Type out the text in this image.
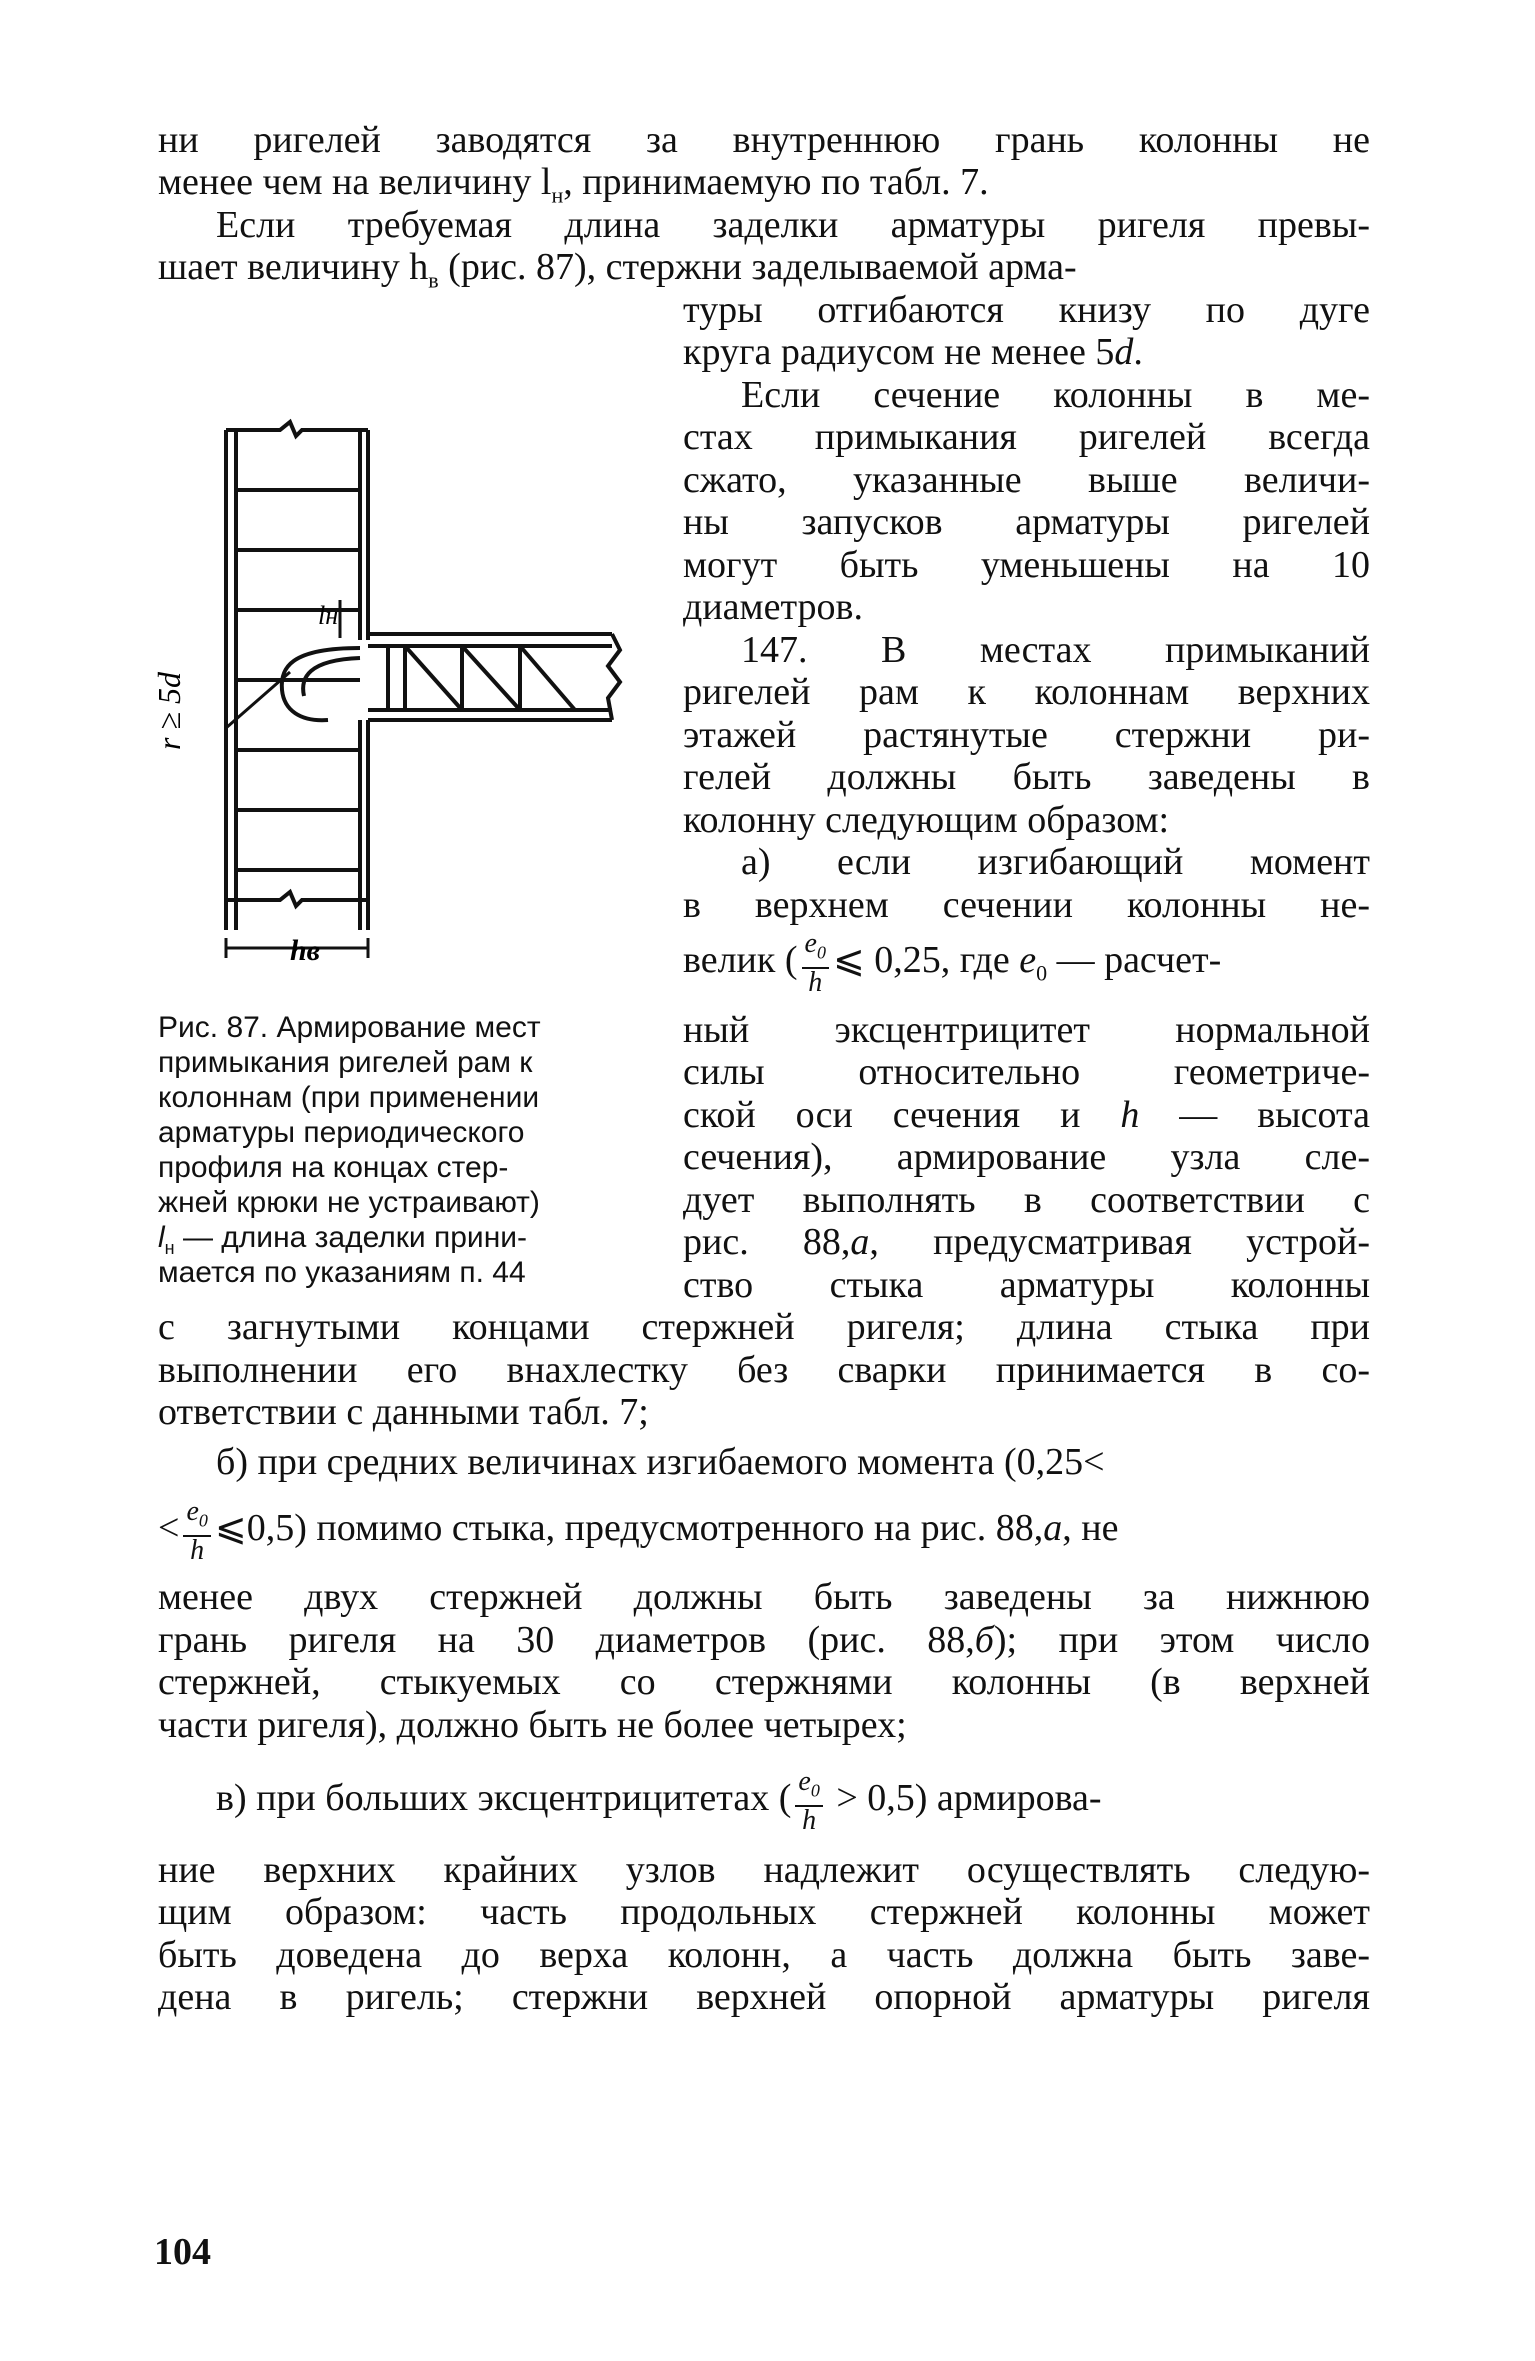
ни ригелей заводятся за внутреннюю грань колонны не
менее чем на величину $l_н$, принимаемую по табл. 7.
Если требуемая длина заделки арматуры ригеля превы-
шает величину $h_в$ (рис. 87), стержни заделываемой арма-
туры отгибаются книзу по дуге
круга радиусом не менее 5d.
Если сечение колонны в ме-
стах примыкания ригелей всегда
сжато, указанные выше величи-
ны запусков арматуры ригелей
могут быть уменьшены на 10
диаметров.
147. В местах примыканий
ригелей рам к колоннам верхних
этажей растянутые стержни ри-
гелей должны быть заведены в
колонну следующим образом:
а) если изгибающий момент
в верхнем сечении колонны не-
велик ( $\frac{e_0}{h}$ ⩽ 0,25, где $e_0$ — расчет-
ный эксцентрицитет нормальной
силы относительно геометриче-
ской оси сечения и h — высота
сечения), армирование узла сле-
дует выполнять в соответствии с
рис. 88,а, предусматривая устрой-
ство стыка арматуры колонны
с загнутыми концами стержней ригеля; длина стыка при
выполнении его внахлестку без сварки принимается в со-
ответствии с данными табл. 7;
б) при средних величинах изгибаемого момента (0,25<
< $\frac{e_0}{h}$ ⩽0,5) помимо стыка, предусмотренного на рис. 88,а, не
менее двух стержней должны быть заведены за нижнюю
грань ригеля на 30 диаметров (рис. 88,б); при этом число
стержней, стыкуемых со стержнями колонны (в верхней
части ригеля), должно быть не более четырех;
в) при больших эксцентрицитетах ( $\frac{e_0}{h} > 0,5$) армирова-
ние верхних крайних узлов надлежит осуществлять следую-
щим образом: часть продольных стержней колонны может
быть доведена до верха колонн, а часть должна быть заве-
дена в ригель; стержни верхней опорной арматуры ригеля
lн
hв
r ≥ 5d
Рис. 87. Армирование мест
примыкания ригелей рам к
колоннам (при применении
арматуры периодического
профиля на концах стер-
жней крюки не устраивают)
$l_н$ — длина заделки прини-
мается по указаниям п. 44
104
